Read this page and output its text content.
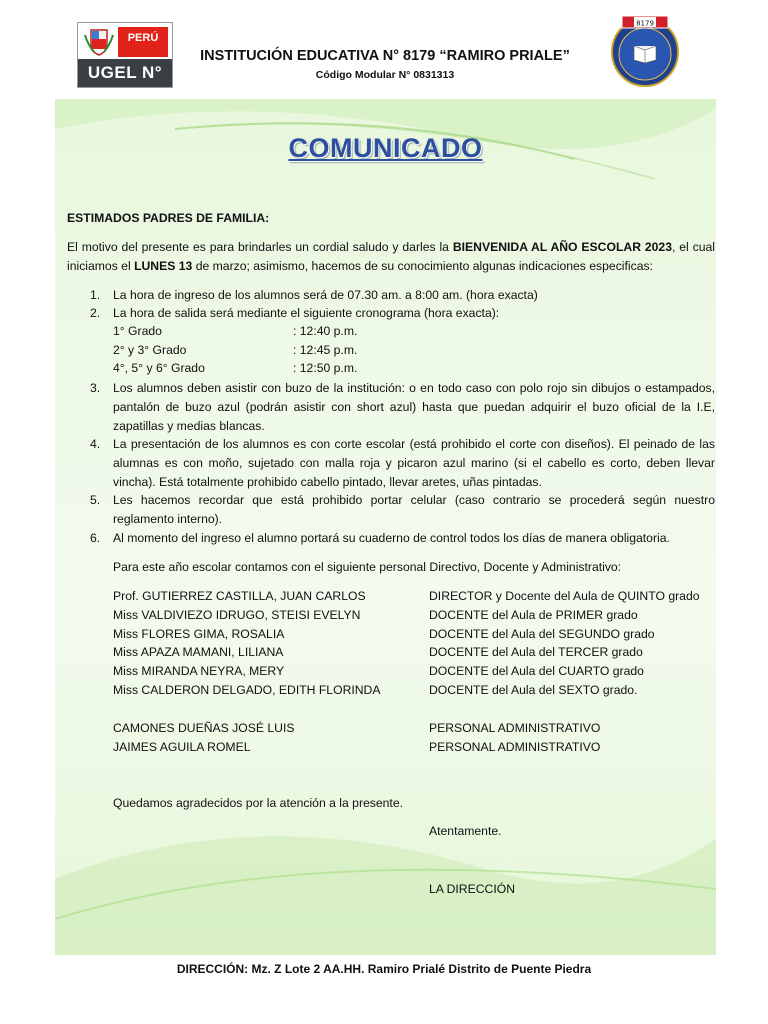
PERÚ
UGEL N°
INSTITUCIÓN EDUCATIVA N° 8179 “RAMIRO PRIALE”
Código Modular N° 0831313
8179
COMUNICADO
ESTIMADOS PADRES DE FAMILIA:
El motivo del presente es para brindarles un cordial saludo y darles la BIENVENIDA AL AÑO ESCOLAR 2023, el cual iniciamos el LUNES 13 de marzo; asimismo, hacemos de su conocimiento algunas indicaciones especificas:
1. La hora de ingreso de los alumnos será de 07.30 am. a 8:00 am. (hora exacta)
2. La hora de salida será mediante el siguiente cronograma (hora exacta):
1° Grado	: 12:40 p.m.
2° y 3° Grado	: 12:45 p.m.
4°, 5° y 6° Grado	: 12:50 p.m.
3. Los alumnos deben asistir con buzo de la institución: o en todo caso con polo rojo sin dibujos o estampados, pantalón de buzo azul (podrán asistir con short azul) hasta que puedan adquirir el buzo oficial de la I.E, zapatillas y medias blancas.
4. La presentación de los alumnos es con corte escolar (está prohibido el corte con diseños). El peinado de las alumnas es con moño, sujetado con malla roja y picaron azul marino (si el cabello es corto, deben llevar vincha). Está totalmente prohibido cabello pintado, llevar aretes, uñas pintadas.
5. Les hacemos recordar que está prohibido portar celular (caso contrario se procederá según nuestro reglamento interno).
6. Al momento del ingreso el alumno portará su cuaderno de control todos los días de manera obligatoria.
Para este año escolar contamos con el siguiente personal Directivo, Docente y Administrativo:
Prof. GUTIERREZ CASTILLA, JUAN CARLOS	DIRECTOR y Docente del Aula de QUINTO grado
Miss VALDIVIEZO IDRUGO, STEISI EVELYN	DOCENTE del Aula de PRIMER grado
Miss FLORES GIMA, ROSALIA	DOCENTE del Aula del SEGUNDO grado
Miss APAZA MAMANI, LILIANA	DOCENTE del Aula del TERCER grado
Miss MIRANDA NEYRA, MERY	DOCENTE del Aula del CUARTO grado
Miss CALDERON DELGADO, EDITH FLORINDA	DOCENTE del Aula del SEXTO grado.
CAMONES DUEÑAS JOSÉ LUIS	PERSONAL ADMINISTRATIVO
JAIMES AGUILA ROMEL	PERSONAL ADMINISTRATIVO
Quedamos agradecidos por la atención a la presente.
Atentamente.
LA DIRECCIÓN
DIRECCIÓN: Mz. Z Lote 2 AA.HH. Ramiro Prialé Distrito de Puente Piedra
